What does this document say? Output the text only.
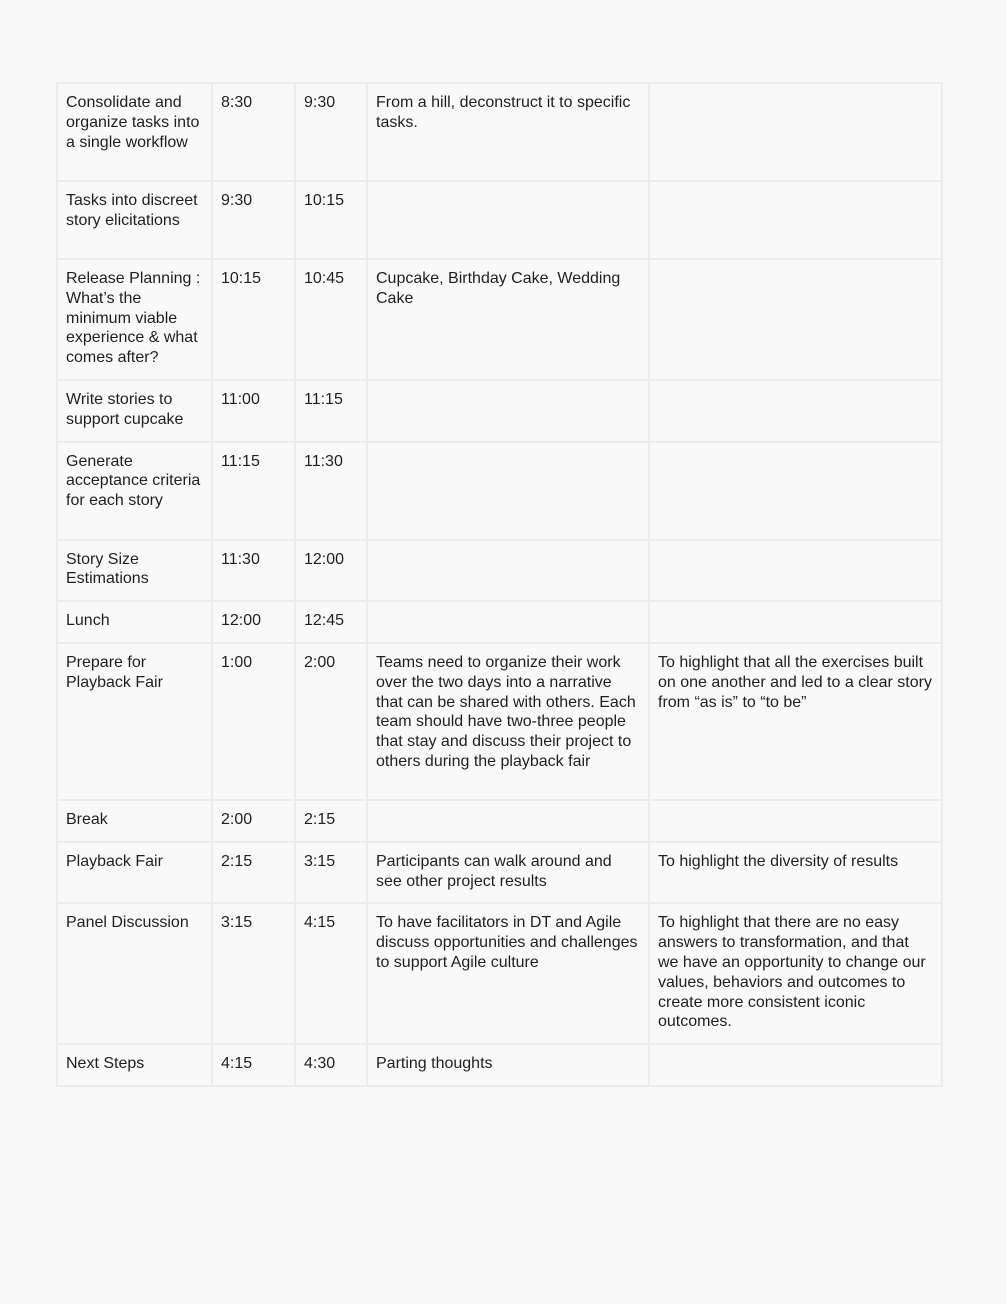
Consolidate and organize tasks into a single workflow	8:30	9:30	From a hill, deconstruct it to specific tasks.	
Tasks into discreet story elicitations	9:30	10:15		
Release Planning : What’s the minimum viable experience & what comes after?	10:15	10:45	Cupcake, Birthday Cake, Wedding Cake	
Write stories to support cupcake	11:00	11:15		
Generate acceptance criteria for each story	11:15	11:30		
Story Size Estimations	11:30	12:00		
Lunch	12:00	12:45		
Prepare for Playback Fair	1:00	2:00	Teams need to organize their work over the two days into a narrative that can be shared with others. Each team should have two-three people that stay and discuss their project to others during the playback fair	To highlight that all the exercises built on one another and led to a clear story from “as is” to “to be”
Break	2:00	2:15		
Playback Fair	2:15	3:15	Participants can walk around and see other project results	To highlight the diversity of results
Panel Discussion	3:15	4:15	To have facilitators in DT and Agile discuss opportunities and challenges to support Agile culture	To highlight that there are no easy answers to transformation, and that we have an opportunity to change our values, behaviors and outcomes to create more consistent iconic outcomes.
Next Steps	4:15	4:30	Parting thoughts	
